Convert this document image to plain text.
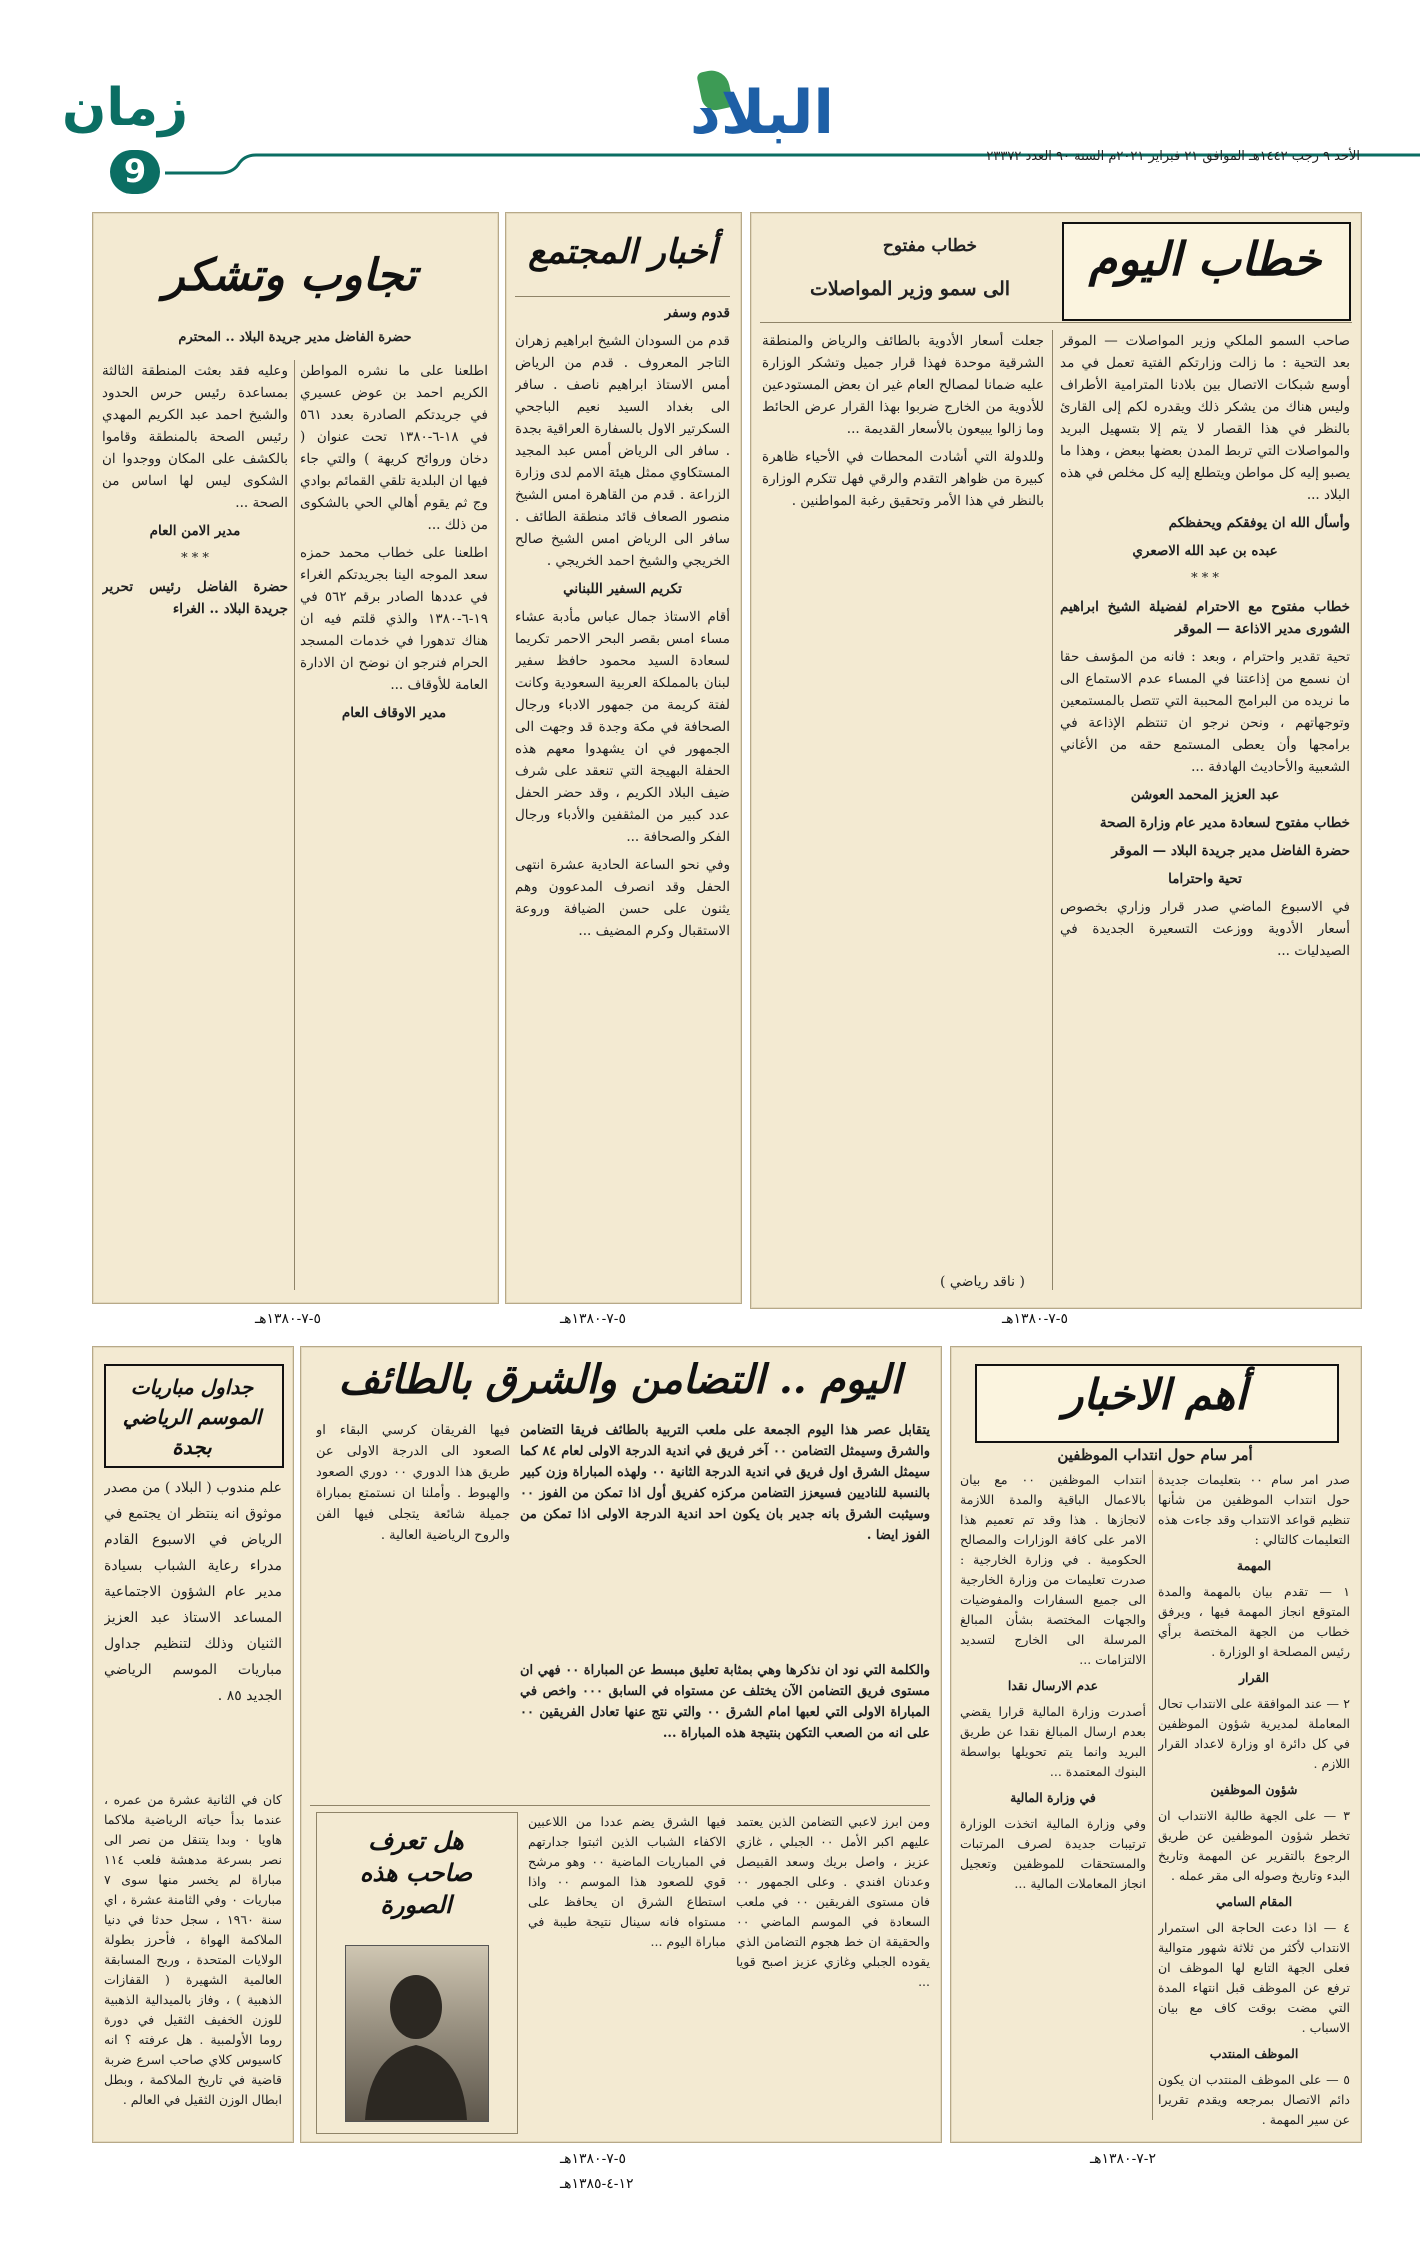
زمان
9
البلاد
الأحد ٩ رجب ١٤٤٢هـ الموافق ٢١ فبراير ٢٠٢١م السنة ٩٠ العدد ٢٣٣٧٢
خطاب اليوم
خطاب مفتوح
الى سمو وزير المواصلات

صاحب السمو الملكي وزير المواصلات — الموقر بعد التحية : ما زالت وزارتكم الفتية تعمل في مد أوسع شبكات الاتصال بين بلادنا المترامية الأطراف وليس هناك من يشكر ذلك ويقدره لكم إلى القارئ بالنظر في هذا القصار لا يتم إلا بتسهيل البريد والمواصلات التي تربط المدن بعضها ببعض ، وهذا ما يصبو إليه كل مواطن ويتطلع إليه كل مخلص في هذه البلاد ...

وأسأل الله ان يوفقكم ويحفظكم

عبده بن عبد الله الاصعري

* * *

خطاب مفتوح مع الاحترام لفضيلة الشيخ ابراهيم الشورى مدير الاذاعة — الموقر

تحية تقدير واحترام ، وبعد : فانه من المؤسف حقا ان نسمع من إذاعتنا في المساء عدم الاستماع الى ما نريده من البرامج المحببة التي تتصل بالمستمعين وتوجهاتهم ، ونحن نرجو ان تنتظم الإذاعة في برامجها وأن يعطى المستمع حقه من الأغاني الشعبية والأحاديث الهادفة ...

عبد العزيز المحمد العوشن

خطاب مفتوح لسعادة مدير عام وزارة الصحة

حضرة الفاضل مدير جريدة البلاد — الموقر

تحية واحتراما

في الاسبوع الماضي صدر قرار وزاري بخصوص أسعار الأدوية ووزعت التسعيرة الجديدة في الصيدليات ...

جعلت أسعار الأدوية بالطائف والرياض والمنطقة الشرقية موحدة فهذا قرار جميل وتشكر الوزارة عليه ضمانا لمصالح العام غير ان بعض المستودعين للأدوية من الخارج ضربوا بهذا القرار عرض الحائط وما زالوا يبيعون بالأسعار القديمة ...

وللدولة التي أشادت المحطات في الأحياء ظاهرة كبيرة من ظواهر التقدم والرقي فهل تتكرم الوزارة بالنظر في هذا الأمر وتحقيق رغبة المواطنين .

( ناقد رياضي )
أخبار المجتمع

قدوم وسفر

قدم من السودان الشيخ ابراهيم زهران التاجر المعروف . قدم من الرياض أمس الاستاذ ابراهيم ناصف . سافر الى بغداد السيد نعيم الباجحي السكرتير الاول بالسفارة العراقية بجدة . سافر الى الرياض أمس عبد المجيد المستكاوي ممثل هيئة الامم لدى وزارة الزراعة . قدم من القاهرة امس الشيخ منصور الصعاف قائد منطقة الطائف . سافر الى الرياض امس الشيخ صالح الخريجي والشيخ احمد الخريجي .

تكريم السفير اللبناني

أقام الاستاذ جمال عباس مأدبة عشاء مساء امس بقصر البحر الاحمر تكريما لسعادة السيد محمود حافظ سفير لبنان بالمملكة العربية السعودية وكانت لفتة كريمة من جمهور الادباء ورجال الصحافة في مكة وجدة قد وجهت الى الجمهور في ان يشهدوا معهم هذه الحفلة البهيجة التي تنعقد على شرف ضيف البلاد الكريم ، وقد حضر الحفل عدد كبير من المثقفين والأدباء ورجال الفكر والصحافة ...

وفي نحو الساعة الحادية عشرة انتهى الحفل وقد انصرف المدعوون وهم يثنون على حسن الضيافة وروعة الاستقبال وكرم المضيف ...

تجاوب وتشكر
حضرة الفاضل مدير جريدة البلاد .. المحترم

اطلعنا على ما نشره المواطن الكريم احمد بن عوض عسيري في جريدتكم الصادرة بعدد ٥٦١ في ١٨-٦-١٣٨٠ تحت عنوان ( دخان وروائح كريهة ) والتي جاء فيها ان البلدية تلقي القمائم بوادي وج ثم يقوم أهالي الحي بالشكوى من ذلك ...

اطلعنا على خطاب محمد حمزه سعد الموجه الينا بجريدتكم الغراء في عددها الصادر برقم ٥٦٢ في ١٩-٦-١٣٨٠ والذي قلتم فيه ان هناك تدهورا في خدمات المسجد الحرام فنرجو ان نوضح ان الادارة العامة للأوقاف ...

مدير الاوقاف العام

وعليه فقد بعثت المنطقة الثالثة بمساعدة رئيس حرس الحدود والشيخ احمد عبد الكريم المهدي رئيس الصحة بالمنطقة وقاموا بالكشف على المكان ووجدوا ان الشكوى ليس لها اساس من الصحة ...

مدير الامن العام

* * *

حضرة الفاضل رئيس تحرير جريدة البلاد .. الغراء

٥-٧-١٣٨٠هـ
٥-٧-١٣٨٠هـ
٥-٧-١٣٨٠هـ
أهم الاخبار
أمر سام حول انتداب الموظفين

صدر امر سام ٠٠ بتعليمات جديدة حول انتداب الموظفين من شأنها تنظيم قواعد الانتداب وقد جاءت هذه التعليمات كالتالي :

المهمة

١ — تقدم بيان بالمهمة والمدة المتوقع انجاز المهمة فيها ، ويرفق خطاب من الجهة المختصة برأي رئيس المصلحة او الوزارة .

القرار

٢ — عند الموافقة على الانتداب تحال المعاملة لمديرية شؤون الموظفين في كل دائرة او وزارة لاعداد القرار اللازم .

شؤون الموظفين

٣ — على الجهة طالبة الانتداب ان تخطر شؤون الموظفين عن طريق الرجوع بالتقرير عن المهمة وتاريخ البدء وتاريخ وصوله الى مقر عمله .

المقام السامي

٤ — اذا دعت الحاجة الى استمرار الانتداب لأكثر من ثلاثة شهور متوالية فعلى الجهة التابع لها الموظف ان ترفع عن الموظف قبل انتهاء المدة التي مضت بوقت كاف مع بيان الاسباب .

الموظف المنتدب

٥ — على الموظف المنتدب ان يكون دائم الاتصال بمرجعه ويقدم تقريرا عن سير المهمة .

انتداب الموظفين ٠٠ مع بيان بالاعمال الباقية والمدة اللازمة لانجازها . هذا وقد تم تعميم هذا الامر على كافة الوزارات والمصالح الحكومية . في وزارة الخارجية : صدرت تعليمات من وزارة الخارجية الى جميع السفارات والمفوضيات والجهات المختصة بشأن المبالغ المرسلة الى الخارج لتسديد الالتزامات ...

عدم الارسال نقدا

أصدرت وزارة المالية قرارا يقضي بعدم ارسال المبالغ نقدا عن طريق البريد وانما يتم تحويلها بواسطة البنوك المعتمدة ...

في وزارة المالية

وفي وزارة المالية اتخذت الوزارة ترتيبات جديدة لصرف المرتبات والمستحقات للموظفين وتعجيل انجاز المعاملات المالية ...

اليوم .. التضامن والشرق بالطائف
يتقابل عصر هذا اليوم الجمعة على ملعب التربية بالطائف فريقا التضامن والشرق وسيمثل التضامن ٠٠ آخر فريق في اندية الدرجة الاولى لعام ٨٤ كما سيمثل الشرق اول فريق في اندية الدرجة الثانية ٠٠ ولهذه المباراة وزن كبير بالنسبة للناديين فسيعزز التضامن مركزه كفريق أول اذا تمكن من الفوز ٠٠ وسيثبت الشرق بانه جدير بان يكون احد اندية الدرجة الاولى اذا تمكن من الفوز ايضا .

فيها الفريقان كرسي البقاء او الصعود الى الدرجة الاولى عن طريق هذا الدوري ٠٠ دوري الصعود والهبوط . وأملنا ان نستمتع بمباراة جميلة شائعة يتجلى فيها الفن والروح الرياضية العالية .

والكلمة التي نود ان نذكرها وهي بمثابة تعليق مبسط عن المباراة ٠٠ فهي ان مستوى فريق التضامن الآن يختلف عن مستواه في السابق ٠٠٠ واخص في المباراة الاولى التي لعبها امام الشرق ٠٠ والتي نتج عنها تعادل الفريقين ٠٠ على انه من الصعب التكهن بنتيجة هذه المباراة ...

ومن ابرز لاعبي التضامن الذين يعتمد عليهم اكبر الأمل ٠٠ الجبلي ، غازي عزيز ، واصل بريك وسعد القبيصل وعدنان افندي . وعلى الجمهور ٠٠ فان مستوى الفريقين ٠٠ في ملعب السعادة في الموسم الماضي ٠٠ والحقيقة ان خط هجوم التضامن الذي يقوده الجبلي وغازي عزيز اصبح قويا ...

فيها الشرق يضم عددا من اللاعبين الاكفاء الشباب الذين اثبتوا جدارتهم في المباريات الماضية ٠٠ وهو مرشح قوي للصعود هذا الموسم ٠٠ واذا استطاع الشرق ان يحافظ على مستواه فانه سينال نتيجة طيبة في مباراة اليوم ...

هل تعرف صاحب هذه الصورة
جداول مباريات الموسم الرياضي بجدة

علم مندوب ( البلاد ) من مصدر موثوق انه ينتظر ان يجتمع في الرياض في الاسبوع القادم مدراء رعاية الشباب بسيادة مدير عام الشؤون الاجتماعية المساعد الاستاذ عبد العزيز الثنيان وذلك لتنظيم جداول مباريات الموسم الرياضي الجديد ٨٥ .

كان في الثانية عشرة من عمره ، عندما بدأ حياته الرياضية ملاكما هاويا ٠ وبدا يتنقل من نصر الى نصر بسرعة مدهشة فلعب ١١٤ مباراة لم يخسر منها سوى ٧ مباريات ٠ وفي الثامنة عشرة ، اي سنة ١٩٦٠ ، سجل حدثا في دنيا الملاكمة الهواة ، فأحرز بطولة الولايات المتحدة ، وربح المسابقة العالمية الشهيرة ( القفازات الذهبية ) ، وفاز بالميدالية الذهبية للوزن الخفيف الثقيل في دورة روما الأولمبية . هل عرفته ؟ انه كاسيوس كلاي صاحب اسرع ضربة قاضية في تاريخ الملاكمة ، وبطل ابطال الوزن الثقيل في العالم .

٢-٧-١٣٨٠هـ
٥-٧-١٣٨٠هـ
١٢-٤-١٣٨٥هـ
